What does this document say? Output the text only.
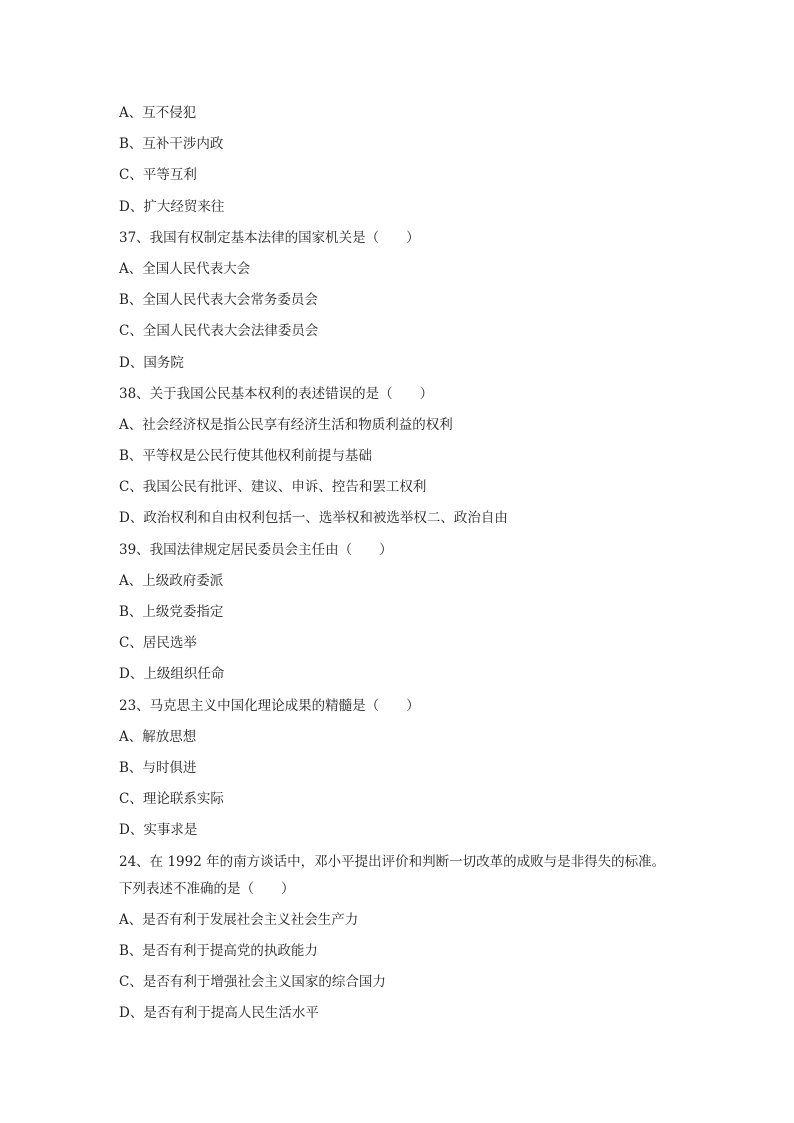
A、互不侵犯

B、互补干涉内政

C、平等互利

D、扩大经贸来往

37、我国有权制定基本法律的国家机关是（　　）

A、全国人民代表大会

B、全国人民代表大会常务委员会

C、全国人民代表大会法律委员会

D、国务院

38、关于我国公民基本权利的表述错误的是（　　）

A、社会经济权是指公民享有经济生活和物质利益的权利

B、平等权是公民行使其他权利前提与基础

C、我国公民有批评、建议、申诉、控告和罢工权利

D、政治权利和自由权利包括一、选举权和被选举权二、政治自由

39、我国法律规定居民委员会主任由（　　）

A、上级政府委派

B、上级党委指定

C、居民选举

D、上级组织任命

23、马克思主义中国化理论成果的精髓是（　　）

A、解放思想

B、与时俱进

C、理论联系实际

D、实事求是

24、在 1992 年的南方谈话中，邓小平提出评价和判断一切改革的成败与是非得失的标准。

下列表述不准确的是（　　）

A、是否有利于发展社会主义社会生产力

B、是否有利于提高党的执政能力

C、是否有利于增强社会主义国家的综合国力

D、是否有利于提高人民生活水平
